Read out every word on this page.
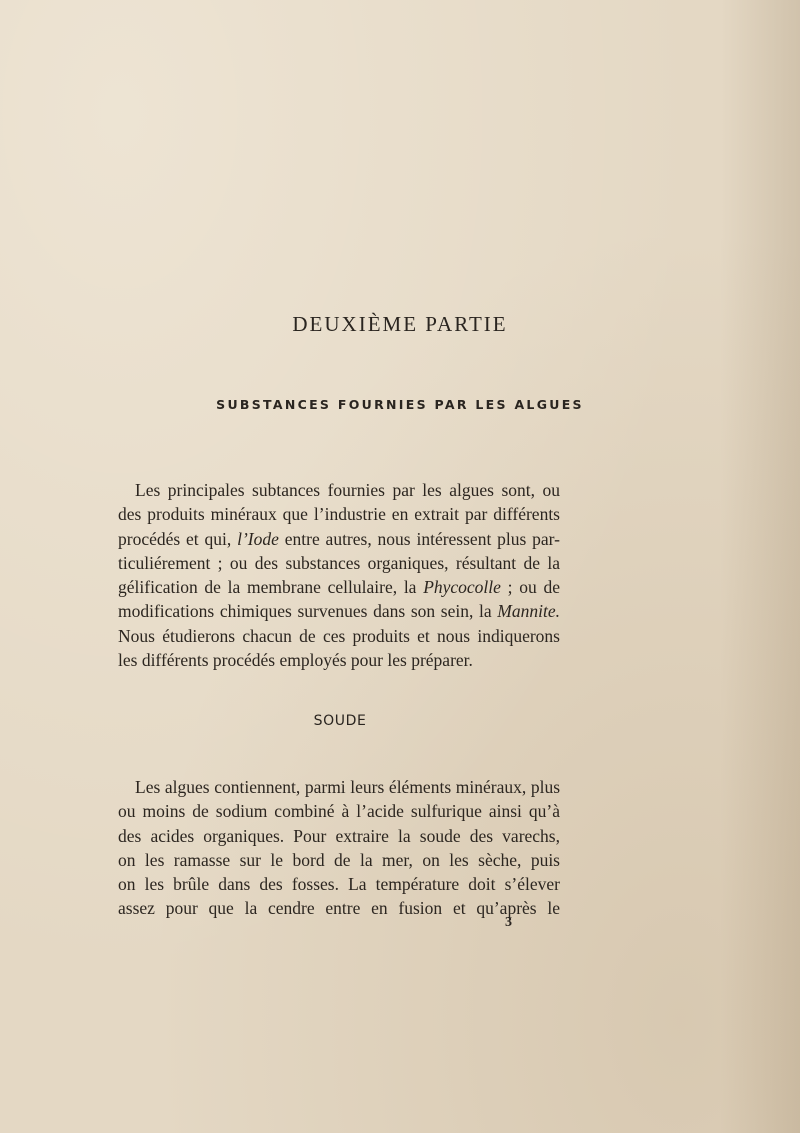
DEUXIÈME PARTIE
SUBSTANCES FOURNIES PAR LES ALGUES
Les principales subtances fournies par les algues sont, ou
des produits minéraux que l’industrie en extrait par différents
procédés et qui, l’Iode entre autres, nous intéressent plus par-
ticuliérement ; ou des substances organiques, résultant de la
gélification de la membrane cellulaire, la Phycocolle ; ou de
modifications chimiques survenues dans son sein, la Mannite.
Nous étudierons chacun de ces produits et nous indiquerons
les différents procédés employés pour les préparer.
SOUDE
Les algues contiennent, parmi leurs éléments minéraux, plus
ou moins de sodium combiné à l’acide sulfurique ainsi qu’à
des acides organiques. Pour extraire la soude des varechs,
on les ramasse sur le bord de la mer, on les sèche, puis
on les brûle dans des fosses. La température doit s’élever
assez pour que la cendre entre en fusion et qu’après le
3
